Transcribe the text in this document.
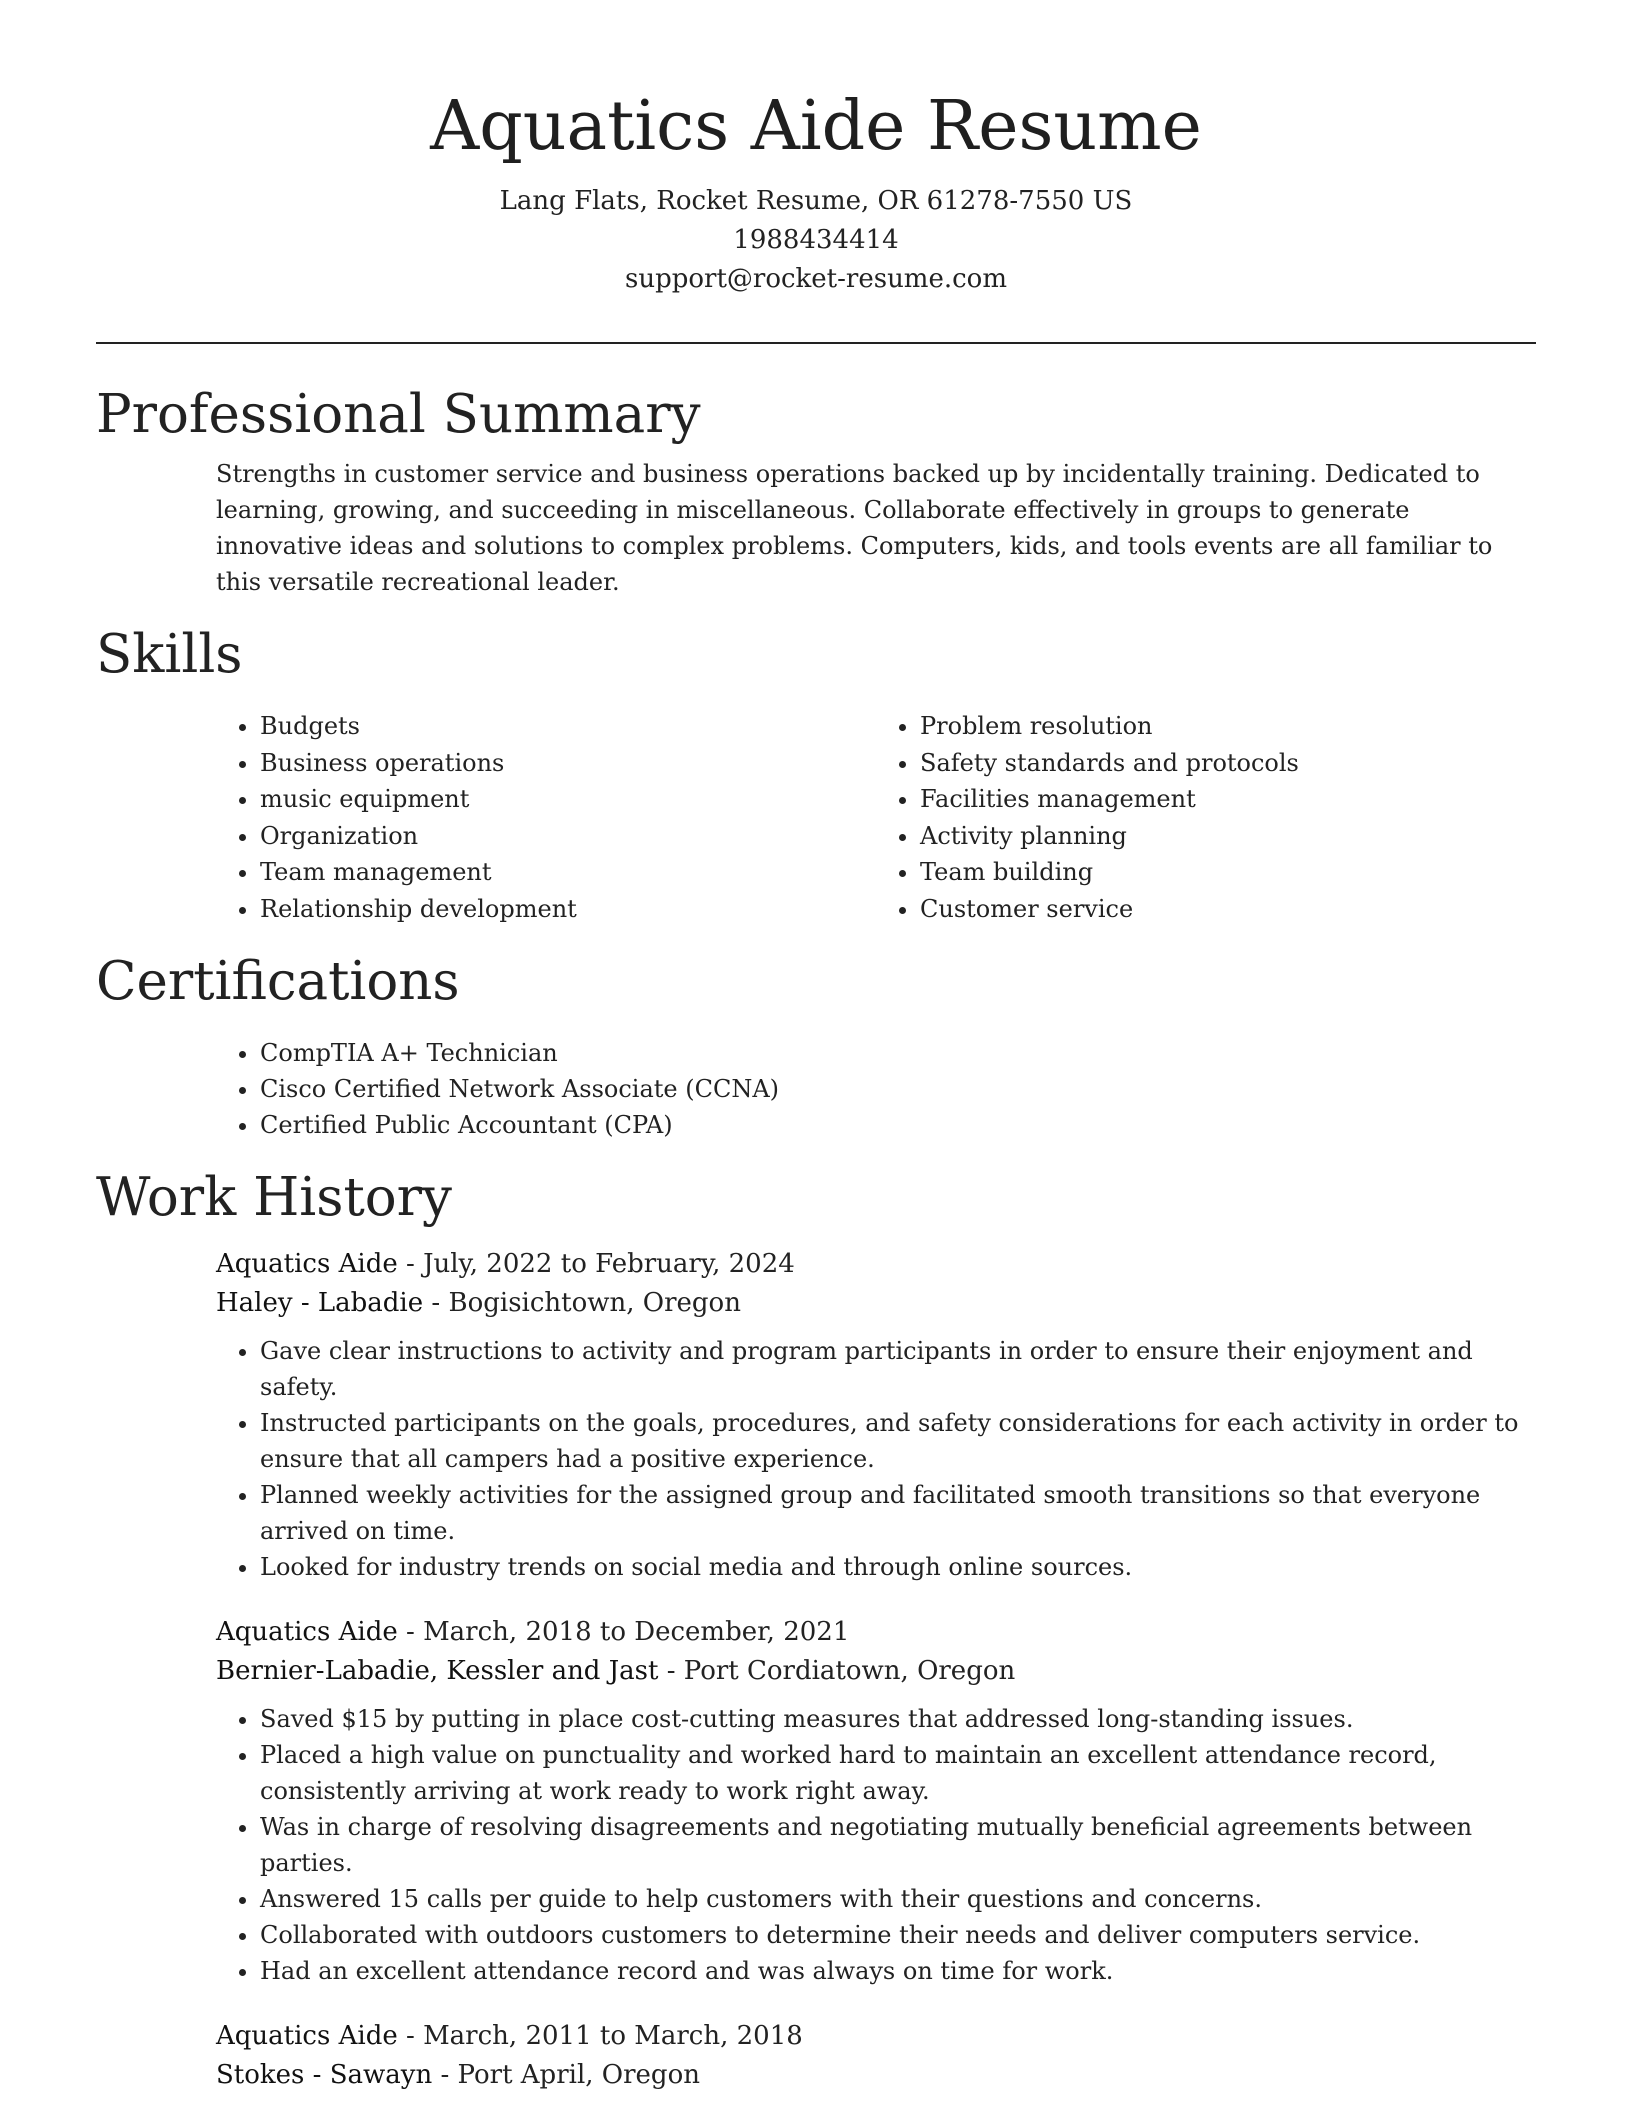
Aquatics Aide Resume
Lang Flats, Rocket Resume, OR 61278-7550 US
1988434414
support@rocket-resume.com
Professional Summary

Strengths in customer service and business operations backed up by incidentally training. Dedicated to learning, growing, and succeeding in miscellaneous. Collaborate effectively in groups to generate innovative ideas and solutions to complex problems. Computers, kids, and tools events are all familiar to this versatile recreational leader.

Skills
• Budgets
• Business operations
• music equipment
• Organization
• Team management
• Relationship development
• Problem resolution
• Safety standards and protocols
• Facilities management
• Activity planning
• Team building
• Customer service
Certifications
• CompTIA A+ Technician
• Cisco Certified Network Associate (CCNA)
• Certified Public Accountant (CPA)
Work History
Aquatics Aide - July, 2022 to February, 2024
Haley - Labadie - Bogisichtown, Oregon
• Gave clear instructions to activity and program participants in order to ensure their enjoyment and safety.
• Instructed participants on the goals, procedures, and safety considerations for each activity in order to ensure that all campers had a positive experience.
• Planned weekly activities for the assigned group and facilitated smooth transitions so that everyone arrived on time.
• Looked for industry trends on social media and through online sources.
Aquatics Aide - March, 2018 to December, 2021
Bernier-Labadie, Kessler and Jast - Port Cordiatown, Oregon
• Saved $15 by putting in place cost-cutting measures that addressed long-standing issues.
• Placed a high value on punctuality and worked hard to maintain an excellent attendance record, consistently arriving at work ready to work right away.
• Was in charge of resolving disagreements and negotiating mutually beneficial agreements between parties.
• Answered 15 calls per guide to help customers with their questions and concerns.
• Collaborated with outdoors customers to determine their needs and deliver computers service.
• Had an excellent attendance record and was always on time for work.
Aquatics Aide - March, 2011 to March, 2018
Stokes - Sawayn - Port April, Oregon
